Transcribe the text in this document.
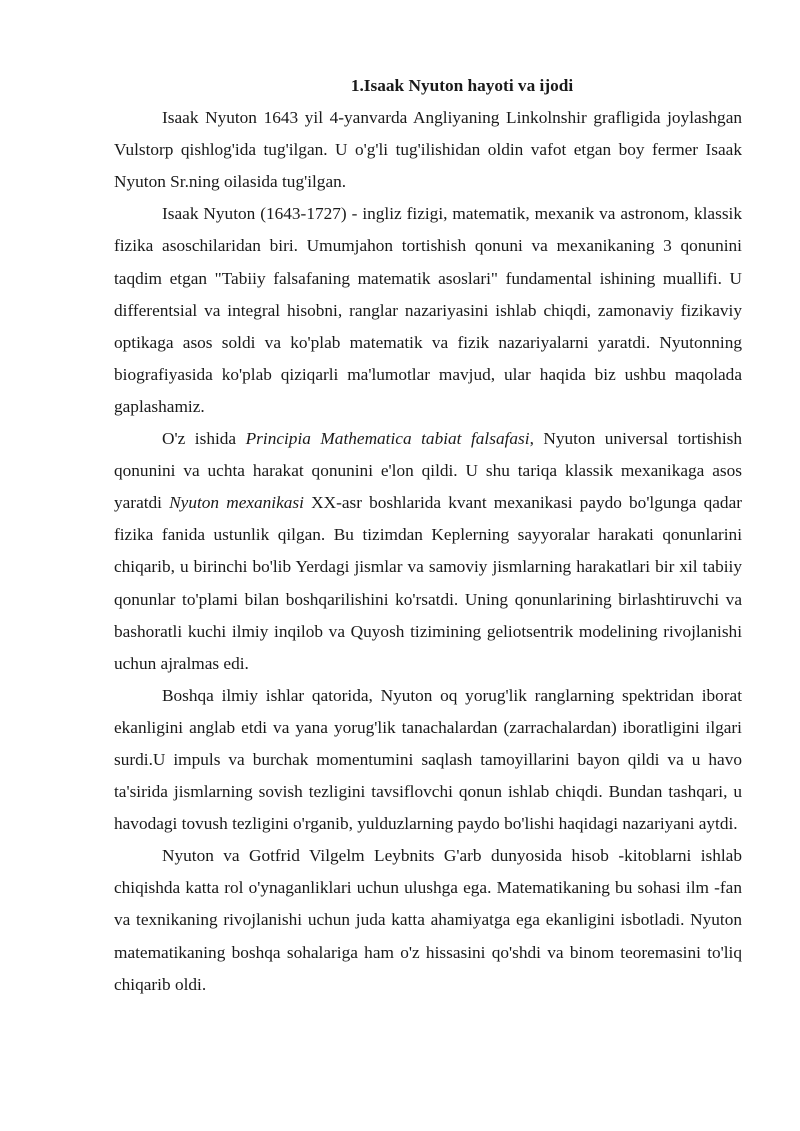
1.Isaak Nyuton hayoti va ijodi

Isaak Nyuton 1643 yil 4-yanvarda Angliyaning Linkolnshir grafligida joylashgan Vulstorp qishlog'ida tug'ilgan. U o'g'li tug'ilishidan oldin vafot etgan boy fermer Isaak Nyuton Sr.ning oilasida tug'ilgan.

Isaak Nyuton (1643-1727) - ingliz fizigi, matematik, mexanik va astronom, klassik fizika asoschilaridan biri. Umumjahon tortishish qonuni va mexanikaning 3 qonunini taqdim etgan "Tabiiy falsafaning matematik asoslari" fundamental ishining muallifi. U differentsial va integral hisobni, ranglar nazariyasini ishlab chiqdi, zamonaviy fizikaviy optikaga asos soldi va ko'plab matematik va fizik nazariyalarni yaratdi. Nyutonning biografiyasida ko'plab qiziqarli ma'lumotlar mavjud, ular haqida biz ushbu maqolada gaplashamiz.

O'z ishida Principia Mathematica tabiat falsafasi, Nyuton universal tortishish qonunini va uchta harakat qonunini e'lon qildi. U shu tariqa klassik mexanikaga asos yaratdi Nyuton mexanikasi XX-asr boshlarida kvant mexanikasi paydo bo'lgunga qadar fizika fanida ustunlik qilgan. Bu tizimdan Keplerning sayyoralar harakati qonunlarini chiqarib, u birinchi bo'lib Yerdagi jismlar va samoviy jismlarning harakatlari bir xil tabiiy qonunlar to'plami bilan boshqarilishini ko'rsatdi. Uning qonunlarining birlashtiruvchi va bashoratli kuchi ilmiy inqilob va Quyosh tizimining geliotsentrik modelining rivojlanishi uchun ajralmas edi.

Boshqa ilmiy ishlar qatorida, Nyuton oq yorug'lik ranglarning spektridan iborat ekanligini anglab etdi va yana yorug'lik tanachalardan (zarrachalardan) iboratligini ilgari surdi.U impuls va burchak momentumini saqlash tamoyillarini bayon qildi va u havo ta'sirida jismlarning sovish tezligini tavsiflovchi qonun ishlab chiqdi. Bundan tashqari, u havodagi tovush tezligini o'rganib, yulduzlarning paydo bo'lishi haqidagi nazariyani aytdi.

Nyuton va Gotfrid Vilgelm Leybnits G'arb dunyosida hisob -kitoblarni ishlab chiqishda katta rol o'ynaganliklari uchun ulushga ega. Matematikaning bu sohasi ilm -fan va texnikaning rivojlanishi uchun juda katta ahamiyatga ega ekanligini isbotladi. Nyuton matematikaning boshqa sohalariga ham o'z hissasini qo'shdi va binom teoremasini to'liq chiqarib oldi.
